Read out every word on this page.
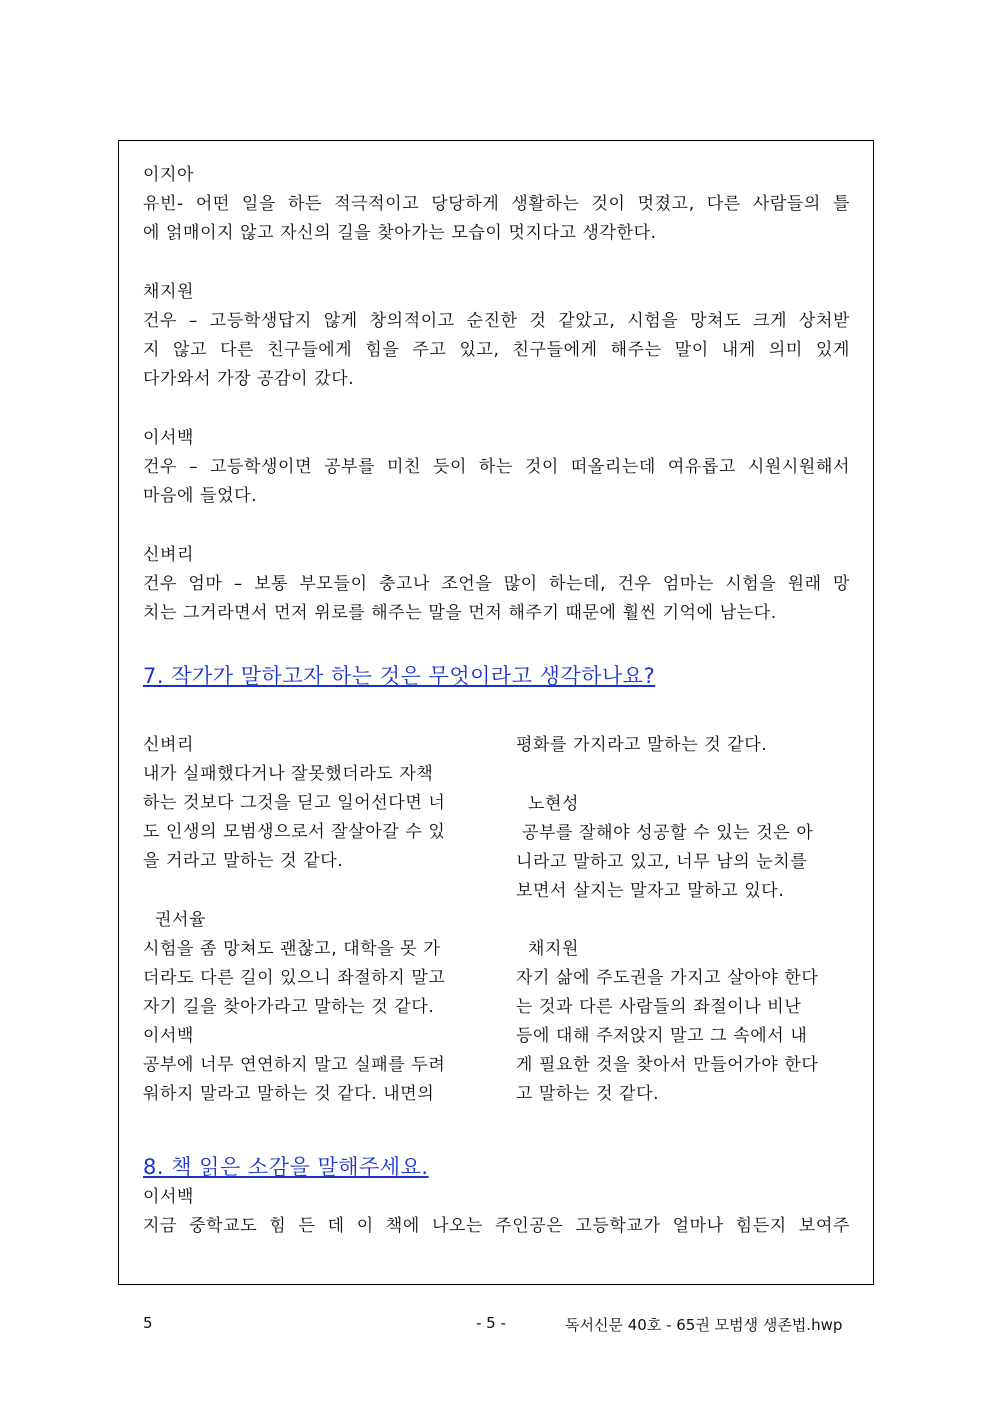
이지아
유빈- 어떤 일을 하든 적극적이고 당당하게 생활하는 것이 멋졌고, 다른 사람들의 틀
에 얽매이지 않고 자신의 길을 찾아가는 모습이 멋지다고 생각한다.
채지원
건우 – 고등학생답지 않게 창의적이고 순진한 것 같았고, 시험을 망쳐도 크게 상처받
지 않고 다른 친구들에게 힘을 주고 있고, 친구들에게 해주는 말이 내게 의미 있게
다가와서 가장 공감이 갔다.
이서백
건우 – 고등학생이면 공부를 미친 듯이 하는 것이 떠올리는데 여유롭고 시원시원해서
마음에 들었다.
신벼리
건우 엄마 – 보통 부모들이 충고나 조언을 많이 하는데, 건우 엄마는 시험을 원래 망
치는 그거라면서 먼저 위로를 해주는 말을 먼저 해주기 때문에 훨씬 기억에 남는다.
7. 작가가 말하고자 하는 것은 무엇이라고 생각하나요?
신벼리
내가 실패했다거나 잘못했더라도 자책
하는 것보다 그것을 딛고 일어선다면 너
도 인생의 모범생으로서 잘살아갈 수 있
을 거라고 말하는 것 같다.
권서율
시험을 좀 망쳐도 괜찮고, 대학을 못 가
더라도 다른 길이 있으니 좌절하지 말고
자기 길을 찾아가라고 말하는 것 같다.
이서백
공부에 너무 연연하지 말고 실패를 두려
워하지 말라고 말하는 것 같다. 내면의
평화를 가지라고 말하는 것 같다.
노현성
공부를 잘해야 성공할 수 있는 것은 아
니라고 말하고 있고, 너무 남의 눈치를
보면서 살지는 말자고 말하고 있다.
채지원
자기 삶에 주도권을 가지고 살아야 한다
는 것과 다른 사람들의 좌절이나 비난
등에 대해 주저앉지 말고 그 속에서 내
게 필요한 것을 찾아서 만들어가야 한다
고 말하는 것 같다.
8. 책 읽은 소감을 말해주세요.
이서백
지금 중학교도 힘 든 데 이 책에 나오는 주인공은 고등학교가 얼마나 힘든지 보여주
5	- 5 -	독서신문 40호 - 65권 모범생 생존법.hwp
